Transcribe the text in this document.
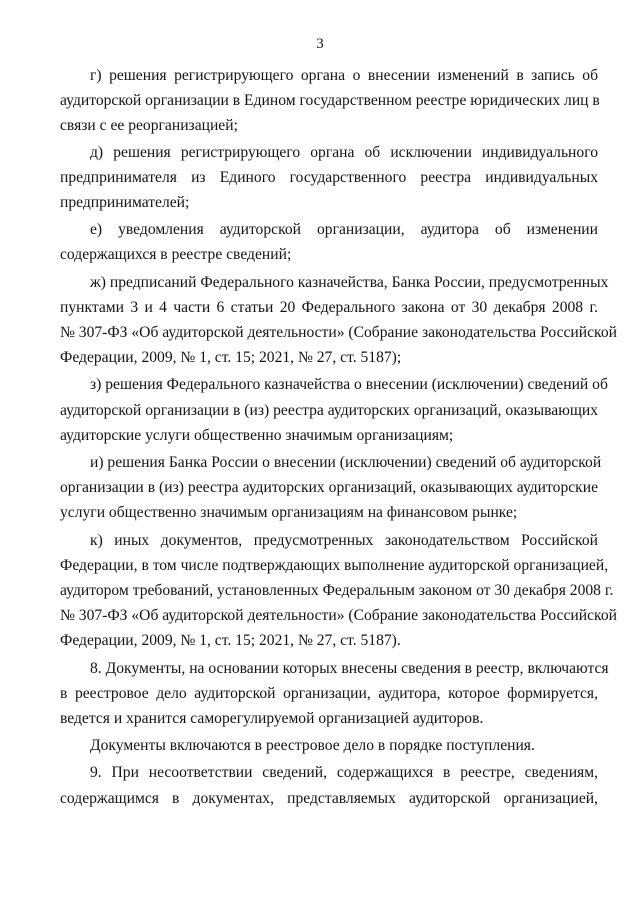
3
г) решения регистрирующего органа о внесении изменений в запись об
аудиторской организации в Едином государственном реестре юридических лиц в
связи с ее реорганизацией;
д) решения регистрирующего органа об исключении индивидуального
предпринимателя из Единого государственного реестра индивидуальных
предпринимателей;
е) уведомления аудиторской организации, аудитора об изменении
содержащихся в реестре сведений;
ж) предписаний Федерального казначейства, Банка России, предусмотренных
пунктами 3 и 4 части 6 статьи 20 Федерального закона от 30 декабря 2008 г.
№ 307-ФЗ «Об аудиторской деятельности» (Собрание законодательства Российской
Федерации, 2009, № 1, ст. 15; 2021, № 27, ст. 5187);
з) решения Федерального казначейства о внесении (исключении) сведений об
аудиторской организации в (из) реестра аудиторских организаций, оказывающих
аудиторские услуги общественно значимым организациям;
и) решения Банка России о внесении (исключении) сведений об аудиторской
организации в (из) реестра аудиторских организаций, оказывающих аудиторские
услуги общественно значимым организациям на финансовом рынке;
к) иных документов, предусмотренных законодательством Российской
Федерации, в том числе подтверждающих выполнение аудиторской организацией,
аудитором требований, установленных Федеральным законом от 30 декабря 2008 г.
№ 307-ФЗ «Об аудиторской деятельности» (Собрание законодательства Российской
Федерации, 2009, № 1, ст. 15; 2021, № 27, ст. 5187).
8. Документы, на основании которых внесены сведения в реестр, включаются
в реестровое дело аудиторской организации, аудитора, которое формируется,
ведется и хранится саморегулируемой организацией аудиторов.
Документы включаются в реестровое дело в порядке поступления.
9. При несоответствии сведений, содержащихся в реестре, сведениям,
содержащимся в документах, представляемых аудиторской организацией,
